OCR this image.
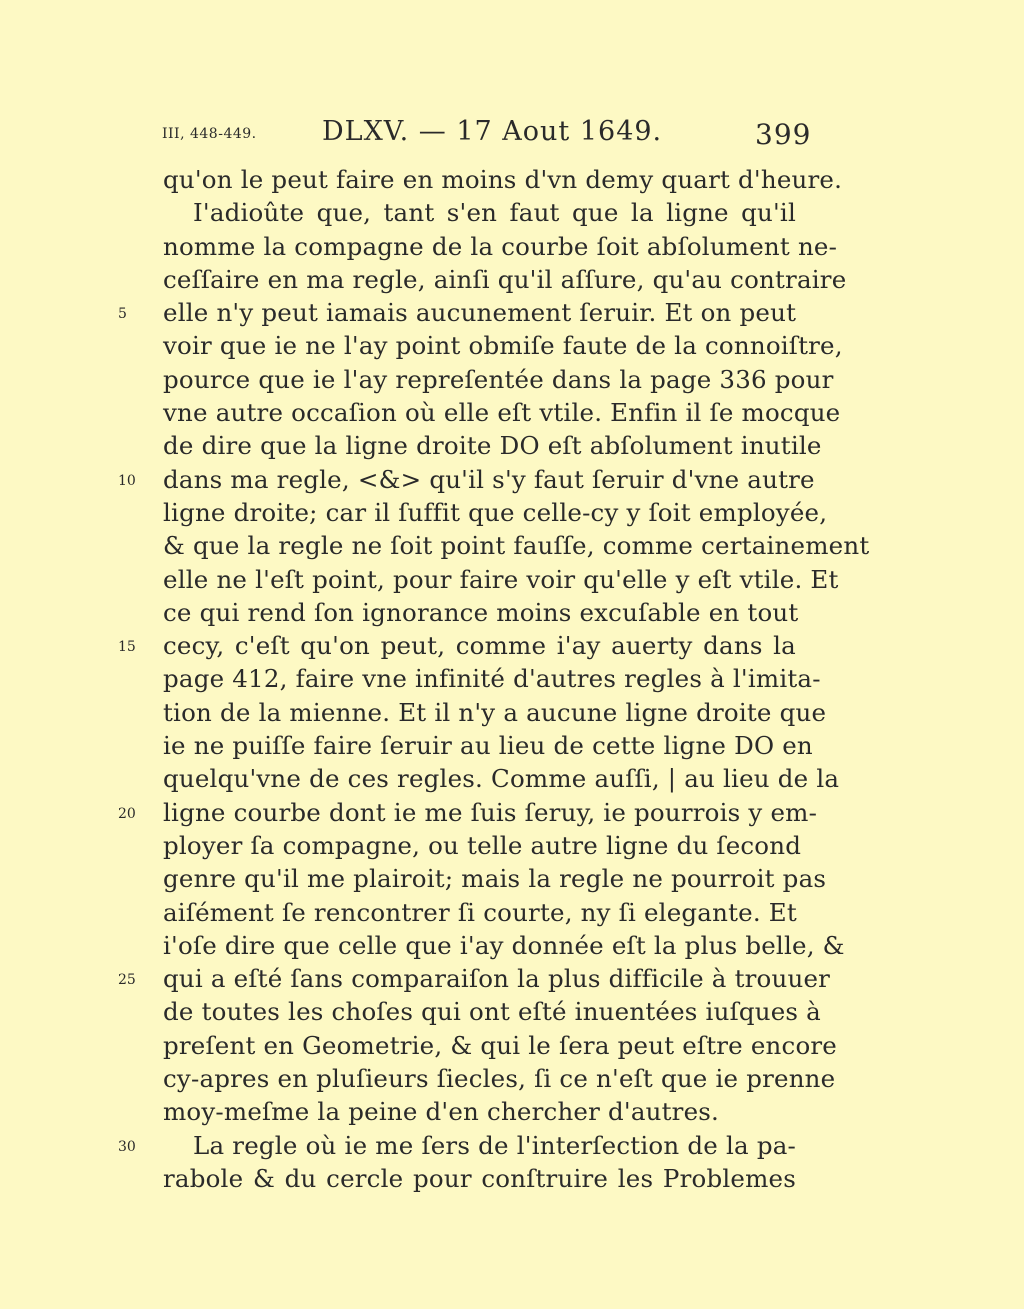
III, 448-449. DLXV. — 17 Aout 1649.	399
qu'on le peut faire en moins d'vn demy quart d'heure.
I'adioûte que, tant s'en faut que la ligne qu'il
nomme la compagne de la courbe ſoit abſolument ne-
ceſſaire en ma regle, ainſi qu'il aſſure, qu'au contraire
5	elle n'y peut iamais aucunement ſeruir. Et on peut
voir que ie ne l'ay point obmiſe faute de la connoiſtre,
pource que ie l'ay repreſentée dans la page 336 pour
vne autre occaſion où elle eſt vtile. Enfin il ſe mocque
de dire que la ligne droite DO eſt abſolument inutile
10	dans ma regle, <&> qu'il s'y faut ſeruir d'vne autre
ligne droite; car il ſuffit que celle-cy y ſoit employée,
& que la regle ne ſoit point fauſſe, comme certainement
elle ne l'eſt point, pour faire voir qu'elle y eſt vtile. Et
ce qui rend ſon ignorance moins excuſable en tout
15	cecy, c'eſt qu'on peut, comme i'ay auerty dans la
page 412, faire vne infinité d'autres regles à l'imita-
tion de la mienne. Et il n'y a aucune ligne droite que
ie ne puiſſe faire ſeruir au lieu de cette ligne DO en
quelqu'vne de ces regles. Comme auſſi, | au lieu de la
20	ligne courbe dont ie me ſuis ſeruy, ie pourrois y em-
ployer ſa compagne, ou telle autre ligne du ſecond
genre qu'il me plairoit; mais la regle ne pourroit pas
aiſément ſe rencontrer ſi courte, ny ſi elegante. Et
i'oſe dire que celle que i'ay donnée eſt la plus belle, &
25	qui a eſté ſans comparaiſon la plus difficile à trouuer
de toutes les choſes qui ont eſté inuentées iuſques à
preſent en Geometrie, & qui le ſera peut eſtre encore
cy-apres en pluſieurs ſiecles, ſi ce n'eſt que ie prenne
moy-meſme la peine d'en chercher d'autres.
30	La regle où ie me ſers de l'interſection de la pa-
rabole & du cercle pour conſtruire les Problemes
